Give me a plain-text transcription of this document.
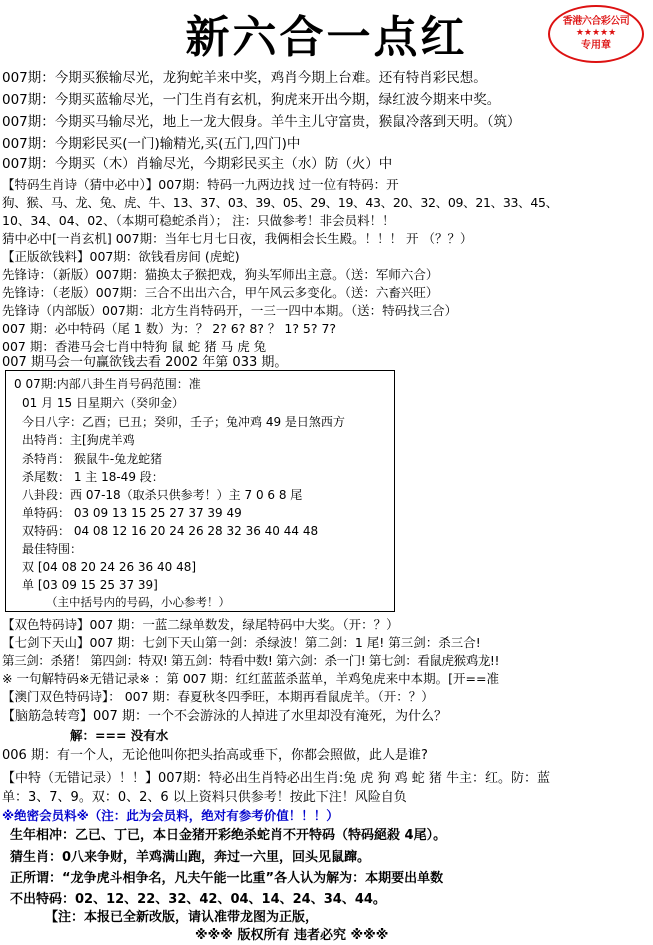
新六合一点红	香港六合彩公司
★★★★★
专用章
007期：今期买猴输尽光，龙狗蛇羊来中奖，鸡肖今期上台难。还有特肖彩民想。
007期：今期买蓝输尽光，一门生肖有玄机，狗虎来开出今期，绿红波今期来中奖。
007期：今期买马输尽光，地上一龙大假身。羊牛主儿守富贵，猴鼠冷落到天明。（筑）
007期：今期彩民买(一门)输精光,买(五门,四门)中
007期：今期买（木）肖输尽光，今期彩民买主（水）防（火）中
【特码生肖诗（猜中必中）】007期：特码一九两边找 过一位有特码：开
狗、猴、马、龙、兔、虎、牛、13、37、03、39、05、29、19、43、20、32、09、21、33、45、
10、34、04、02、（本期可稳蛇杀肖）； 注：只做参考！非会员料！！
猜中必中[一肖玄机] 007期：当年七月七日夜，我俩相会长生殿。！！！ 开 （？？）
【正版欲钱料】007期：欲钱看房间 (虎蛇)
先锋诗：（新版）007期：猫换太子猴把戏，狗头军师出主意。（送：军师六合）
先锋诗：（老版）007期：三合不出出六合，甲午风云多变化。（送：六畜兴旺）
先锋诗（内部版）007期：北方生肖特码开，一三一四中本期。（送：特码找三合）
007 期：必中特码（尾 1 数）为：？ 2? 6? 8? ？ 1? 5? 7?
007 期：香港马会七肖中特狗 鼠 蛇 猪 马 虎 兔
007 期马会一句赢欲钱去看 2002 年第 033 期。
0 07期:内部八卦生肖号码范围：准
01 月 15 日星期六（癸卯金）
今日八字：乙酉；已丑；癸卯，壬子；兔冲鸡 49 是日煞西方
出特肖：主[狗虎羊鸡
杀特肖： 猴鼠牛-兔龙蛇猪
杀尾数： 1 主 18-49 段：
八卦段：西 07-18（取杀只供参考！）主 7 0 6 8 尾
单特码： 03 09 13 15 25 27 37 39 49
双特码： 04 08 12 16 20 24 26 28 32 36 40 44 48
最佳特围：
双 [04 08 20 24 26 36 40 48]
单 [03 09 15 25 37 39]
（主中括号内的号码，小心参考！）
【双色特码诗】007 期：一蓝二绿单数发，绿尾特码中大奖。（开：？）
【七剑下天山】007 期：七剑下天山第一剑：杀绿波！第二剑：1 尾! 第三剑：杀三合!
第三剑：杀猪！ 第四剑：特双! 第五剑：特看中数! 第六剑：杀一门! 第七剑：看鼠虎猴鸡龙!!
※ 一句解特码※无错记录※ ：第 007 期：红红蓝蓝杀蓝单，羊鸡兔虎来中本期。[开==准
【澳门双色特码诗】： 007 期：春夏秋冬四季旺，本期再看鼠虎羊。（开：？）
【脑筋急转弯】007 期：一个不会游泳的人掉进了水里却没有淹死，为什么？
解：=== 没有水
006 期：有一个人，无论他叫你把头抬高或垂下，你都会照做，此人是谁?
【中特（无错记录）！！】007期：特必出生肖特必出生肖:兔 虎 狗 鸡 蛇 猪 牛主：红。防：蓝
单：3、7、9。双：0、2、6 以上资料只供参考！按此下注！风险自负
※绝密会员料※（注：此为会员料，绝对有参考价值！！！）
生年相冲：乙已、丁已，本日金猪开彩绝杀蛇肖不开特码（特码絕殺 4尾）。
猜生肖：0八来争财，羊鸡满山跑，奔过一六里，回头见鼠蹿。
正所谓：“龙争虎斗相争名，凡夫午能一比重”各人认为解为：本期要出单数
不出特码：02、12、22、32、42、04、14、24、34、44。
【注：本报已全新改版，请认准带龙图为正版，
※※※ 版权所有 违者必究 ※※※
